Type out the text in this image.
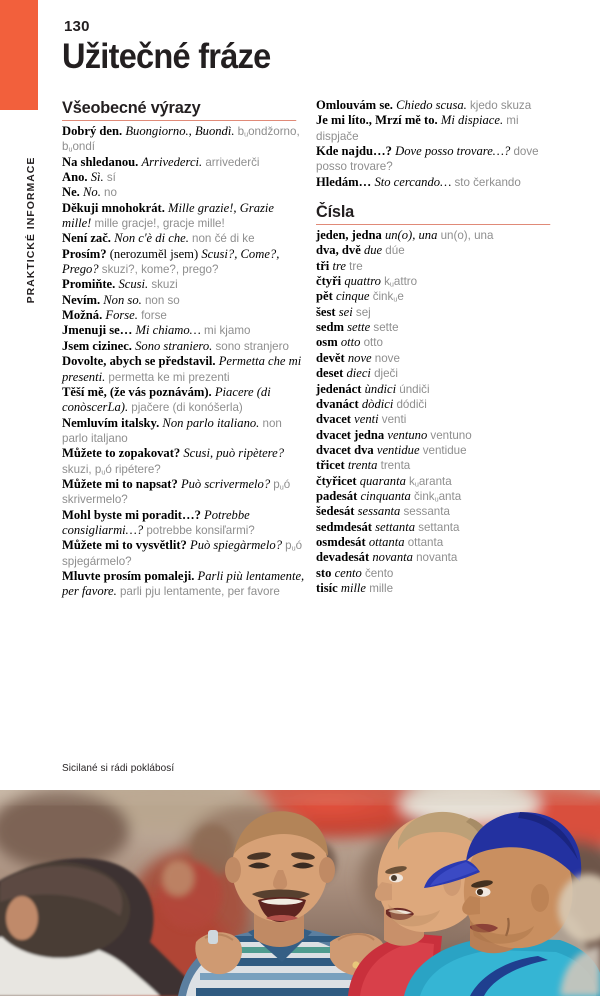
PRAKTICKÉ INFORMACE
130
Užitečné fráze
Všeobecné výrazy

Dobrý den. Buongiorno., Buondì. $b_uondžorno$, $b_uondí$

Na shledanou. Arrivederci. arrivederči

Ano. Sì. sí

Ne. No. no

Děkuji mnohokrát. Mille grazie!, Grazie mille! mille gracje!, gracje mille!

Není zač. Non c'è di che. non čé di ke

Prosím? (nerozuměl jsem) Scusi?, Come?, Prego? skuzi?, kome?, prego?

Promiňte. Scusi. skuzi

Nevím. Non so. non so

Možná. Forse. forse

Jmenuji se… Mi chiamo… mi kjamo

Jsem cizinec. Sono straniero. sono stranjero

Dovolte, abych se představil. Permetta che mi presenti. permetta ke mi prezenti

Těší mě, (že vás poznávám). Piacere (di conòscerLa). pjačere (di konóšerla)

Nemluvím italsky. Non parlo italiano. non parlo italjano

Můžete to zopakovat? Scusi, può ripètere? skuzi, $p_uó$ ripétere?

Můžete mi to napsat? Può scrivermelo? $p_uó$ skrivermelo?

Mohl byste mi poradit…? Potrebbe consigliarmi…? potrebbe konsiľarmi?

Můžete mi to vysvětlit? Può spiegàrmelo? $p_uó$ spjegármelo?

Mluvte prosím pomaleji. Parli più lentamente, per favore. parli pju lentamente, per favore

Omlouvám se. Chiedo scusa. kjedo skuza

Je mi líto., Mrzí mě to. Mi dispiace. mi dispjače

Kde najdu…? Dove posso trovare…? dove posso trovare?

Hledám… Sto cercando… sto čerkando

Čísla

jeden, jedna un(o), una un(o), una

dva, dvě due dúe

tři tre tre

čtyři quattro $k_uattro$

pět cinque čink$_u$e

šest sei sej

sedm sette sette

osm otto otto

devět nove nove

deset dieci dječi

jedenáct ùndici úndiči

dvanáct dòdici dódiči

dvacet venti venti

dvacet jedna ventuno ventuno

dvacet dva ventidue ventidue

třicet trenta trenta

čtyřicet quaranta $k_uaranta$

padesát cinquanta čink$_u$anta

šedesát sessanta sessanta

sedmdesát settanta settanta

osmdesát ottanta ottanta

devadesát novanta novanta

sto cento čento

tisíc mille mille

Sicilané si rádi poklábosí
